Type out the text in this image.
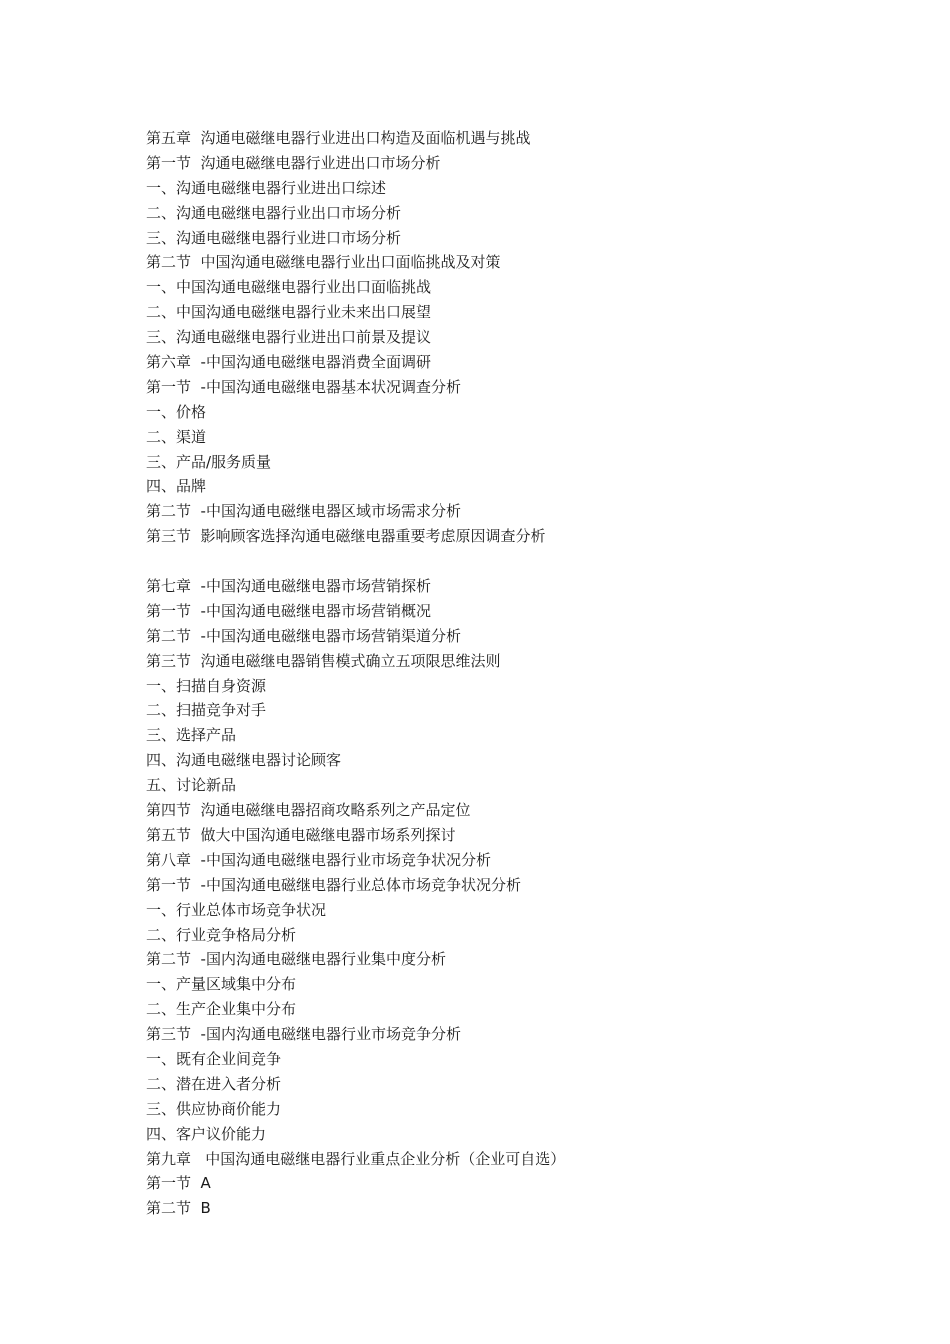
第五章  沟通电磁继电器行业进出口构造及面临机遇与挑战
第一节  沟通电磁继电器行业进出口市场分析
一、沟通电磁继电器行业进出口综述
二、沟通电磁继电器行业出口市场分析
三、沟通电磁继电器行业进口市场分析
第二节  中国沟通电磁继电器行业出口面临挑战及对策
一、中国沟通电磁继电器行业出口面临挑战
二、中国沟通电磁继电器行业未来出口展望
三、沟通电磁继电器行业进出口前景及提议
第六章  -中国沟通电磁继电器消费全面调研
第一节  -中国沟通电磁继电器基本状况调查分析
一、价格
二、渠道
三、产品/服务质量
四、品牌
第二节  -中国沟通电磁继电器区域市场需求分析
第三节  影响顾客选择沟通电磁继电器重要考虑原因调查分析
第七章  -中国沟通电磁继电器市场营销探析
第一节  -中国沟通电磁继电器市场营销概况
第二节  -中国沟通电磁继电器市场营销渠道分析
第三节  沟通电磁继电器销售模式确立五项限思维法则
一、扫描自身资源
二、扫描竞争对手
三、选择产品
四、沟通电磁继电器讨论顾客
五、讨论新品
第四节  沟通电磁继电器招商攻略系列之产品定位
第五节  做大中国沟通电磁继电器市场系列探讨
第八章  -中国沟通电磁继电器行业市场竞争状况分析
第一节  -中国沟通电磁继电器行业总体市场竞争状况分析
一、行业总体市场竞争状况
二、行业竞争格局分析
第二节  -国内沟通电磁继电器行业集中度分析
一、产量区域集中分布
二、生产企业集中分布
第三节  -国内沟通电磁继电器行业市场竞争分析
一、既有企业间竞争
二、潜在进入者分析
三、供应协商价能力
四、客户议价能力
第九章   中国沟通电磁继电器行业重点企业分析（企业可自选）
第一节  A
第二节  B
